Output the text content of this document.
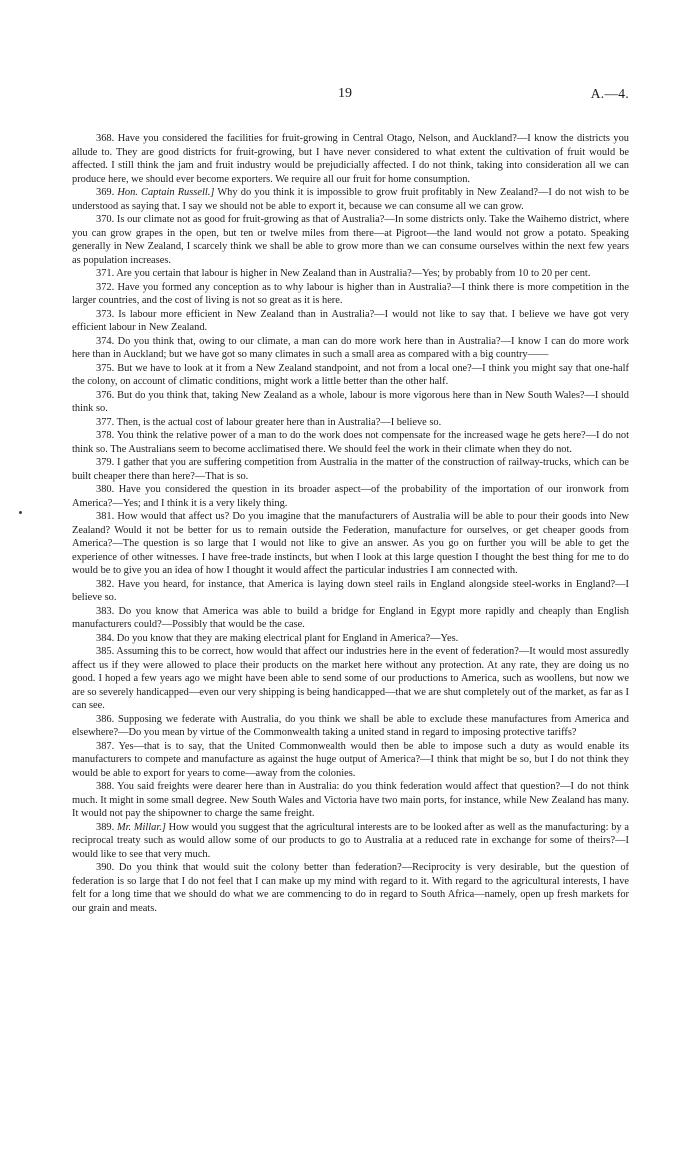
19	A.—4.

368. Have you considered the facilities for fruit-growing in Central Otago, Nelson, and Auckland?—I know the districts you allude to. They are good districts for fruit-growing, but I have never considered to what extent the cultivation of fruit would be affected. I still think the jam and fruit industry would be prejudicially affected. I do not think, taking into consideration all we can produce here, we should ever become exporters. We require all our fruit for home consumption.

369. Hon. Captain Russell.] Why do you think it is impossible to grow fruit profitably in New Zealand?—I do not wish to be understood as saying that. I say we should not be able to export it, because we can consume all we can grow.

370. Is our climate not as good for fruit-growing as that of Australia?—In some districts only. Take the Waihemo district, where you can grow grapes in the open, but ten or twelve miles from there—at Pigroot—the land would not grow a potato. Speaking generally in New Zealand, I scarcely think we shall be able to grow more than we can consume ourselves within the next few years as population increases.

371. Are you certain that labour is higher in New Zealand than in Australia?—Yes; by probably from 10 to 20 per cent.

372. Have you formed any conception as to why labour is higher than in Australia?—I think there is more competition in the larger countries, and the cost of living is not so great as it is here.

373. Is labour more efficient in New Zealand than in Australia?—I would not like to say that. I believe we have got very efficient labour in New Zealand.

374. Do you think that, owing to our climate, a man can do more work here than in Australia?—I know I can do more work here than in Auckland; but we have got so many climates in such a small area as compared with a big country——

375. But we have to look at it from a New Zealand standpoint, and not from a local one?—I think you might say that one-half the colony, on account of climatic conditions, might work a little better than the other half.

376. But do you think that, taking New Zealand as a whole, labour is more vigorous here than in New South Wales?—I should think so.

377. Then, is the actual cost of labour greater here than in Australia?—I believe so.

378. You think the relative power of a man to do the work does not compensate for the increased wage he gets here?—I do not think so. The Australians seem to become acclimatised there. We should feel the work in their climate when they do not.

379. I gather that you are suffering competition from Australia in the matter of the construction of railway-trucks, which can be built cheaper there than here?—That is so.

380. Have you considered the question in its broader aspect—of the probability of the importation of our ironwork from America?—Yes; and I think it is a very likely thing.

381. How would that affect us? Do you imagine that the manufacturers of Australia will be able to pour their goods into New Zealand? Would it not be better for us to remain outside the Federation, manufacture for ourselves, or get cheaper goods from America?—The question is so large that I would not like to give an answer. As you go on further you will be able to get the experience of other witnesses. I have free-trade instincts, but when I look at this large question I thought the best thing for me to do would be to give you an idea of how I thought it would affect the particular industries I am connected with.

382. Have you heard, for instance, that America is laying down steel rails in England alongside steel-works in England?—I believe so.

383. Do you know that America was able to build a bridge for England in Egypt more rapidly and cheaply than English manufacturers could?—Possibly that would be the case.

384. Do you know that they are making electrical plant for England in America?—Yes.

385. Assuming this to be correct, how would that affect our industries here in the event of federation?—It would most assuredly affect us if they were allowed to place their products on the market here without any protection. At any rate, they are doing us no good. I hoped a few years ago we might have been able to send some of our productions to America, such as woollens, but now we are so severely handicapped—even our very shipping is being handicapped—that we are shut completely out of the market, as far as I can see.

386. Supposing we federate with Australia, do you think we shall be able to exclude these manufactures from America and elsewhere?—Do you mean by virtue of the Commonwealth taking a united stand in regard to imposing protective tariffs?

387. Yes—that is to say, that the United Commonwealth would then be able to impose such a duty as would enable its manufacturers to compete and manufacture as against the huge output of America?—I think that might be so, but I do not think they would be able to export for years to come—away from the colonies.

388. You said freights were dearer here than in Australia: do you think federation would affect that question?—I do not think much. It might in some small degree. New South Wales and Victoria have two main ports, for instance, while New Zealand has many. It would not pay the shipowner to charge the same freight.

389. Mr. Millar.] How would you suggest that the agricultural interests are to be looked after as well as the manufacturing: by a reciprocal treaty such as would allow some of our products to go to Australia at a reduced rate in exchange for some of theirs?—I would like to see that very much.

390. Do you think that would suit the colony better than federation?—Reciprocity is very desirable, but the question of federation is so large that I do not feel that I can make up my mind with regard to it. With regard to the agricultural interests, I have felt for a long time that we should do what we are commencing to do in regard to South Africa—namely, open up fresh markets for our grain and meats.
